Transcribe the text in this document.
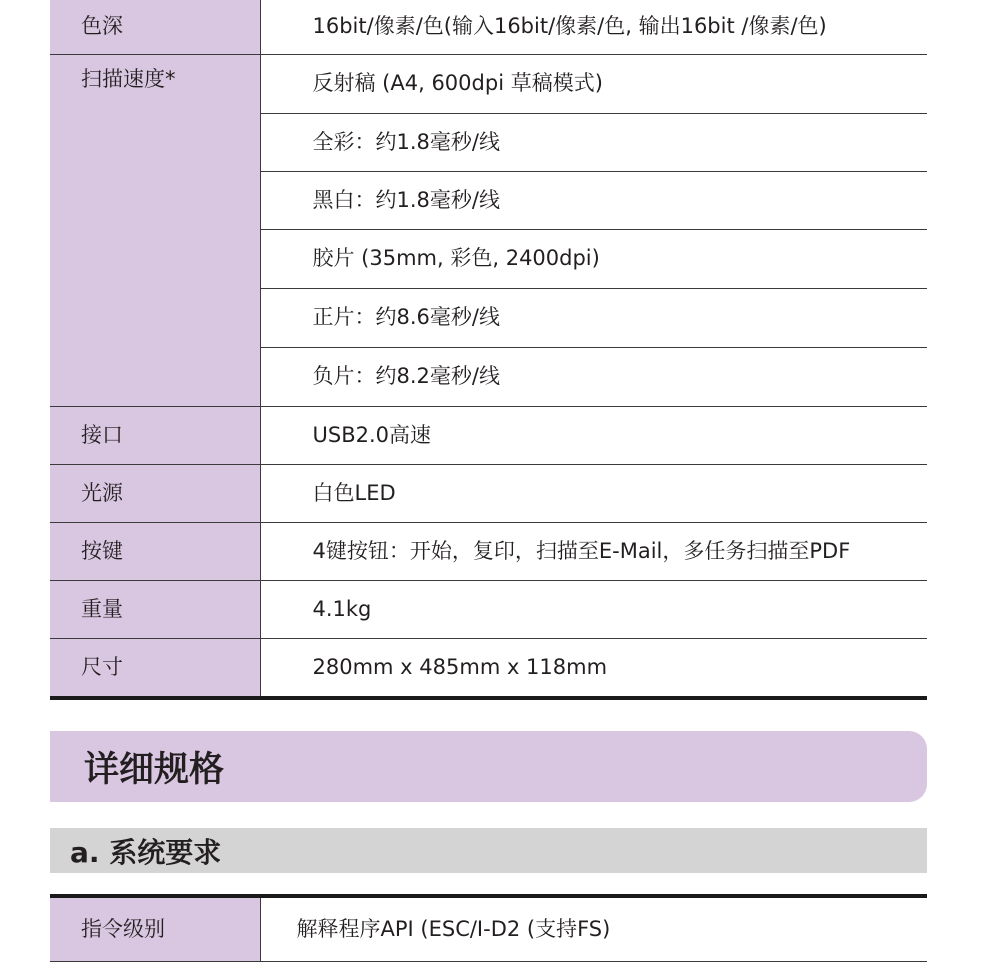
色深	16bit/像素/色(输入16bit/像素/色, 输出16bit /像素/色)
扫描速度*	反射稿 (A4, 600dpi 草稿模式)
	全彩：约1.8毫秒/线
	黑白：约1.8毫秒/线
	胶片 (35mm, 彩色, 2400dpi)
	正片：约8.6毫秒/线
	负片：约8.2毫秒/线
接口	USB2.0高速
光源	白色LED
按键	4键按钮：开始，复印，扫描至E-Mail，多任务扫描至PDF
重量	4.1kg
尺寸	280mm x 485mm x 118mm
详细规格
a. 系统要求
指令级别	解释程序API (ESC/I-D2 (支持FS)
